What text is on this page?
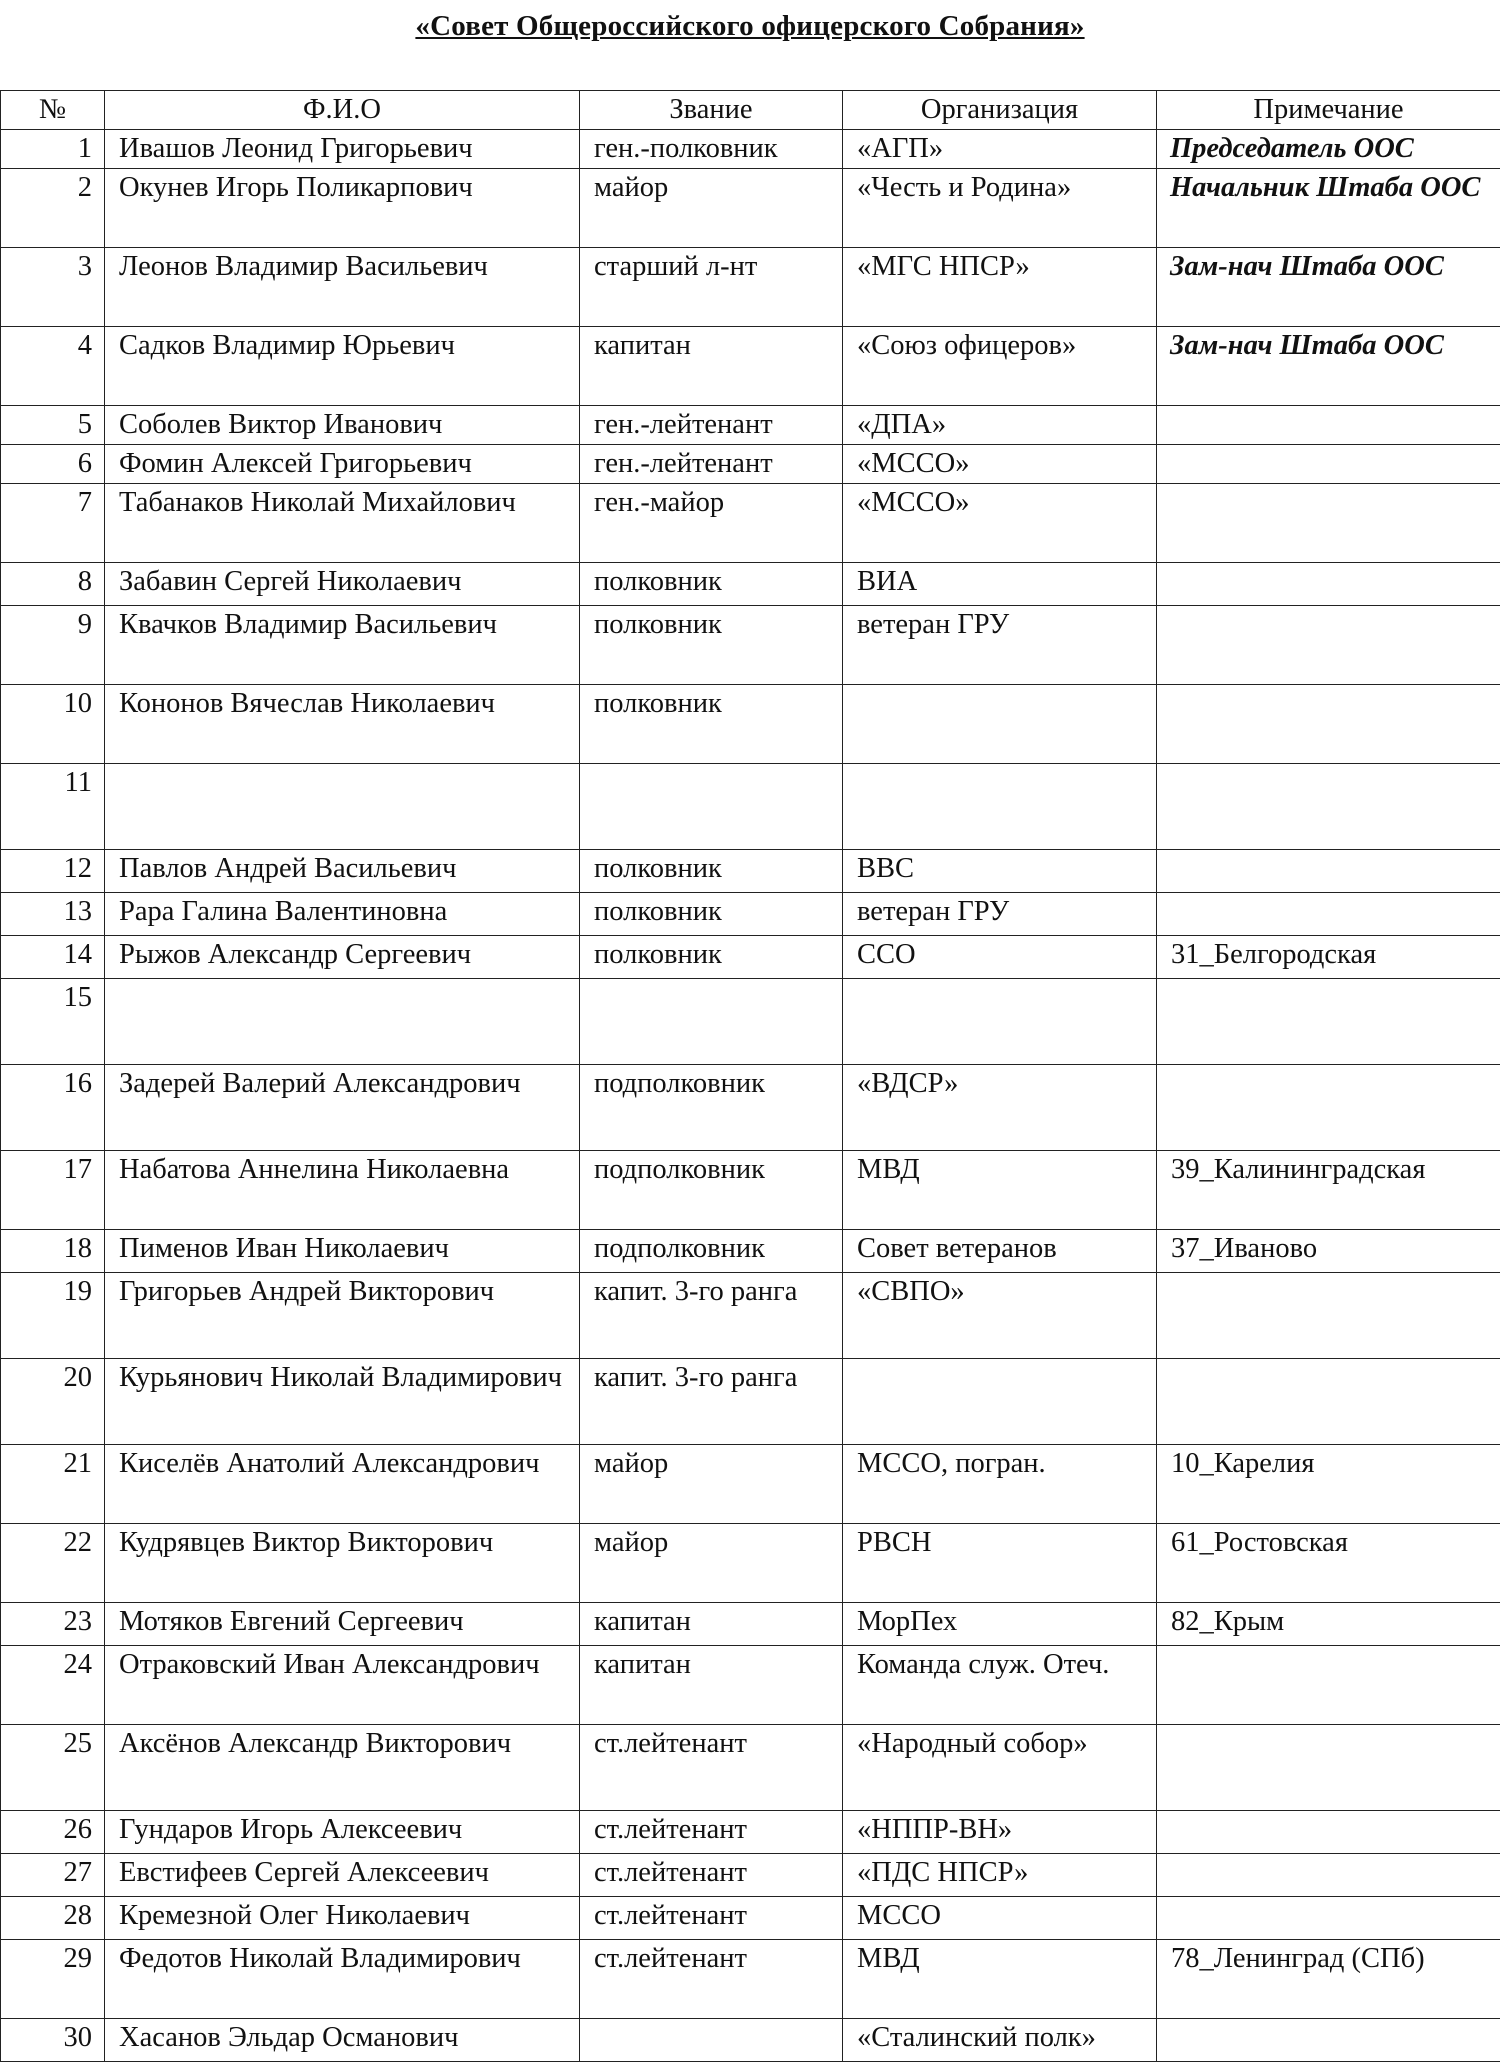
«Совет Общероссийского офицерского Собрания»
№	Ф.И.О	Звание	Организация	Примечание
1	Ивашов Леонид Григорьевич	ген.-полковник	«АГП»	Председатель ООС
2	Окунев Игорь Поликарпович	майор	«Честь и Родина»	Начальник Штаба ООС
3	Леонов Владимир Васильевич	старший л-нт	«МГС НПСР»	Зам-нач Штаба ООС
4	Садков Владимир Юрьевич	капитан	«Союз офицеров»	Зам-нач Штаба ООС
5	Соболев Виктор Иванович	ген.-лейтенант	«ДПА»	
6	Фомин Алексей Григорьевич	ген.-лейтенант	«МССО»	
7	Табанаков Николай Михайлович	ген.-майор	«МССО»	
8	Забавин Сергей Николаевич	полковник	ВИА	
9	Квачков Владимир Васильевич	полковник	ветеран ГРУ	
10	Кононов Вячеслав Николаевич	полковник		
11				
12	Павлов Андрей Васильевич	полковник	ВВС	
13	Рара Галина Валентиновна	полковник	ветеран ГРУ	
14	Рыжов Александр Сергеевич	полковник	ССО	31_Белгородская
15				
16	Задерей Валерий Александрович	подполковник	«ВДСР»	
17	Набатова Аннелина Николаевна	подполковник	МВД	39_Калининградская
18	Пименов Иван Николаевич	подполковник	Совет ветеранов	37_Иваново
19	Григорьев Андрей Викторович	капит. 3-го ранга	«СВПО»	
20	Курьянович Николай Владимирович	капит. 3-го ранга		
21	Киселёв Анатолий Александрович	майор	МССО, погран.	10_Карелия
22	Кудрявцев Виктор Викторович	майор	РВСН	61_Ростовская
23	Мотяков Евгений Сергеевич	капитан	МорПех	82_Крым
24	Отраковский Иван Александрович	капитан	Команда служ. Отеч.	
25	Аксёнов Александр Викторович	ст.лейтенант	«Народный собор»	
26	Гундаров Игорь Алексеевич	ст.лейтенант	«НППР-ВН»	
27	Евстифеев Сергей Алексеевич	ст.лейтенант	«ПДС НПСР»	
28	Кремезной Олег Николаевич	ст.лейтенант	МССО	
29	Федотов Николай Владимирович	ст.лейтенант	МВД	78_Ленинград (СПб)
30	Хасанов Эльдар Османович		«Сталинский полк»	
